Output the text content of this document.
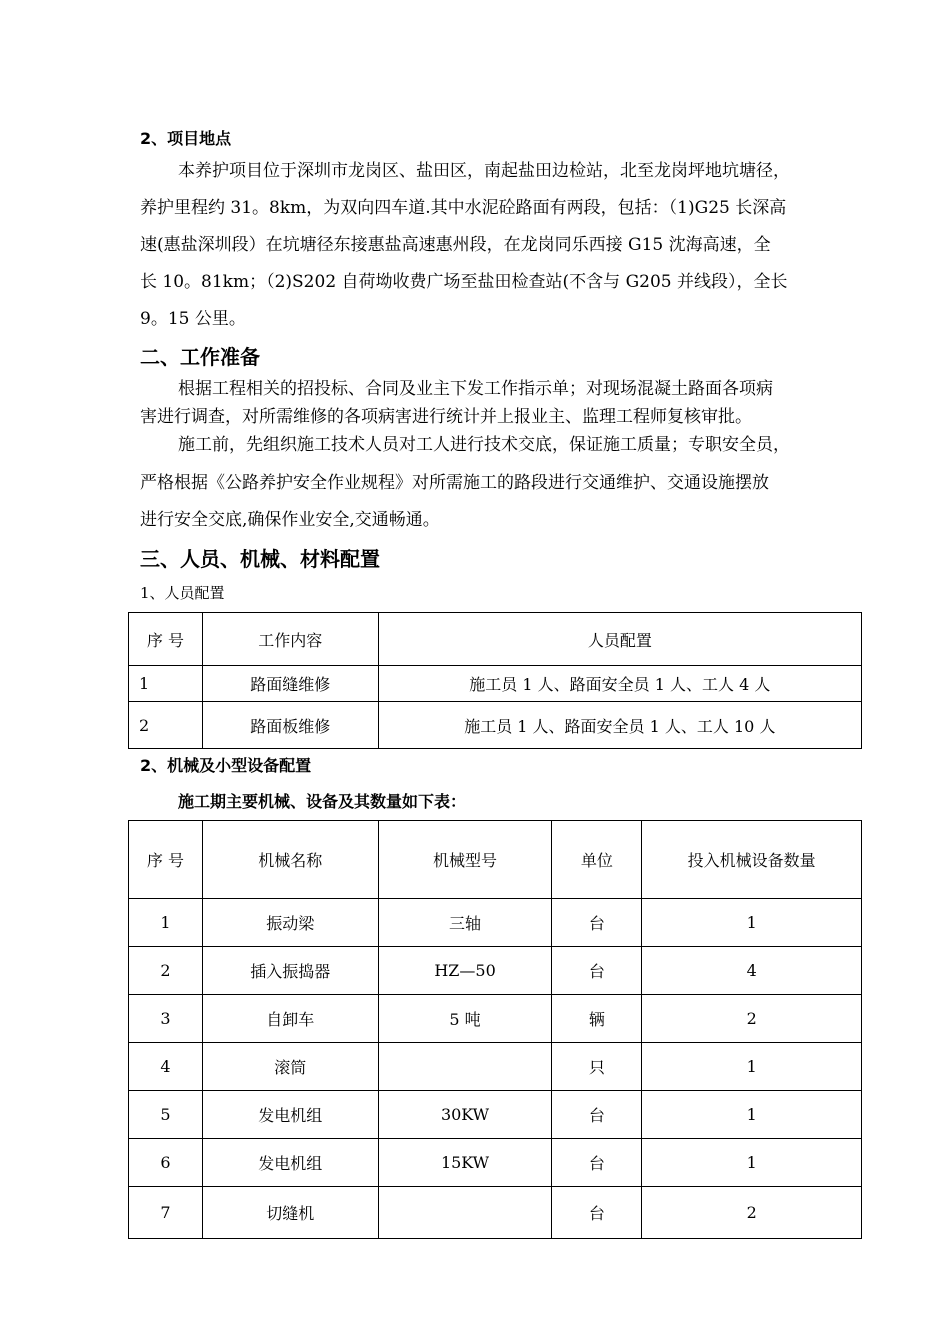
2、项目地点
本养护项目位于深圳市龙岗区、盐田区，南起盐田边检站，北至龙岗坪地坑塘径，
养护里程约 31。8km，为双向四车道.其中水泥砼路面有两段，包括：（1)G25 长深高
速(惠盐深圳段）在坑塘径东接惠盐高速惠州段，在龙岗同乐西接 G15 沈海高速，全
长 10。81km；（2)S202 自荷坳收费广场至盐田检查站(不含与 G205 并线段），全长
9。15 公里。
二、工作准备
根据工程相关的招投标、合同及业主下发工作指示单；对现场混凝土路面各项病
害进行调查，对所需维修的各项病害进行统计并上报业主、监理工程师复核审批。
施工前，先组织施工技术人员对工人进行技术交底，保证施工质量；专职安全员，
严格根据《公路养护安全作业规程》对所需施工的路段进行交通维护、交通设施摆放
进行安全交底,确保作业安全,交通畅通。
三、人员、机械、材料配置
1、人员配置
序 号	工作内容	人员配置
1	路面缝维修	施工员 1 人、路面安全员 1 人、工人 4 人
2	路面板维修	施工员 1 人、路面安全员 1 人、工人 10 人
2、机械及小型设备配置
施工期主要机械、设备及其数量如下表：
序 号	机械名称	机械型号	单位	投入机械设备数量
1	振动梁	三轴	台	1
2	插入振捣器	HZ—50	台	4
3	自卸车	5 吨	辆	2
4	滚筒		只	1
5	发电机组	30KW	台	1
6	发电机组	15KW	台	1
7	切缝机		台	2
